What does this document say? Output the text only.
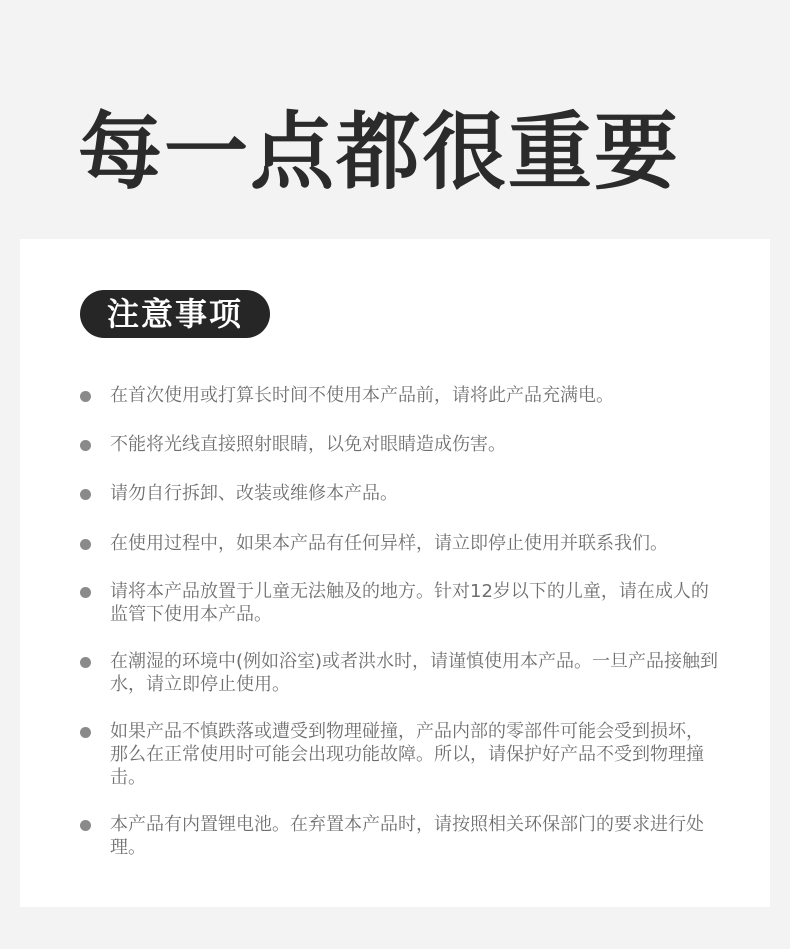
每一点都很重要
注意事项
在首次使用或打算长时间不使用本产品前，请将此产品充满电。
不能将光线直接照射眼睛，以免对眼睛造成伤害。
请勿自行拆卸、改装或维修本产品。
在使用过程中，如果本产品有任何异样，请立即停止使用并联系我们。
请将本产品放置于儿童无法触及的地方。针对12岁以下的儿童，请在成人的监管下使用本产品。
在潮湿的环境中(例如浴室)或者洪水时，请谨慎使用本产品。一旦产品接触到水，请立即停止使用。
如果产品不慎跌落或遭受到物理碰撞，产品内部的零部件可能会受到损坏，那么在正常使用时可能会出现功能故障。所以，请保护好产品不受到物理撞击。
本产品有内置锂电池。在弃置本产品时，请按照相关环保部门的要求进行处理。
